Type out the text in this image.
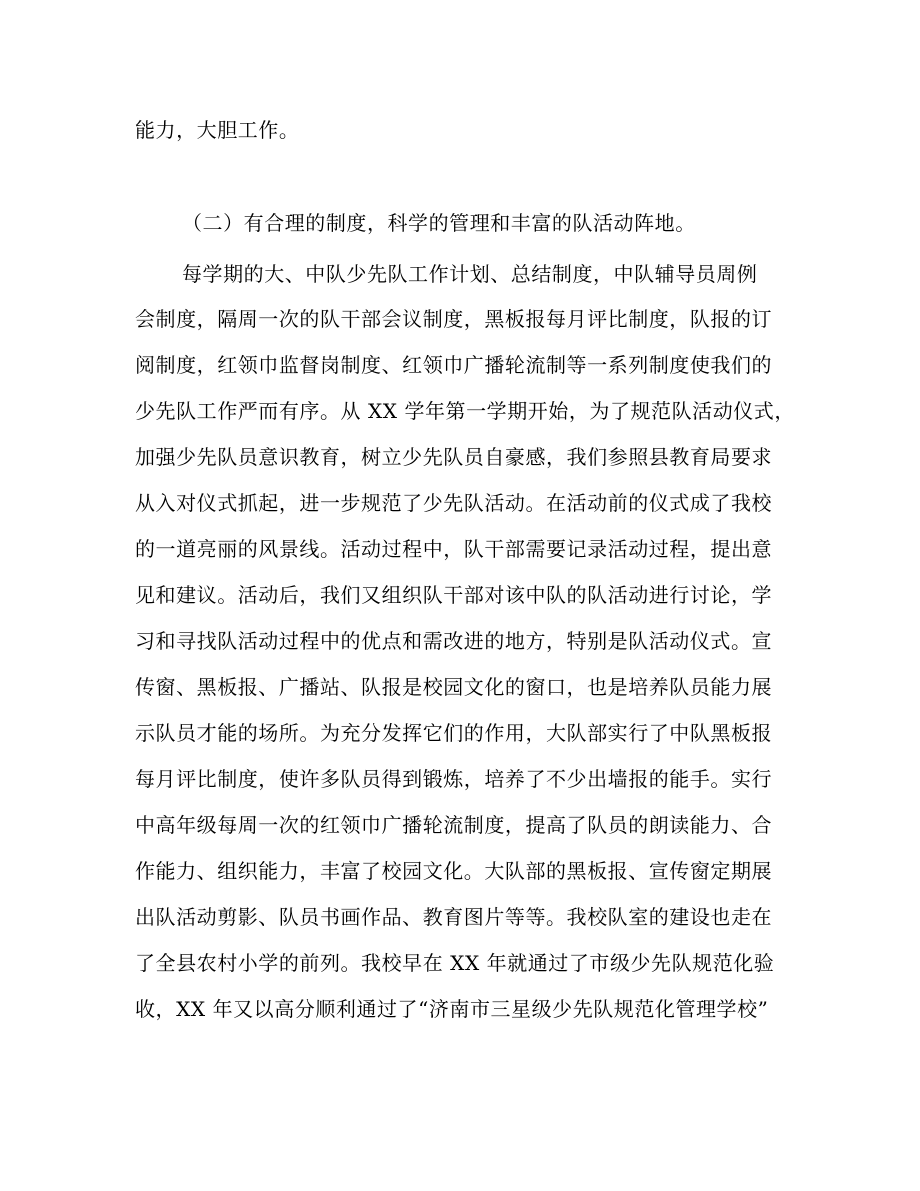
能力，大胆工作。
（二）有合理的制度，科学的管理和丰富的队活动阵地。
每学期的大、中队少先队工作计划、总结制度，中队辅导员周例
会制度，隔周一次的队干部会议制度，黑板报每月评比制度，队报的订
阅制度，红领巾监督岗制度、红领巾广播轮流制等一系列制度使我们的
少先队工作严而有序。从 XX 学年第一学期开始，为了规范队活动仪式，
加强少先队员意识教育，树立少先队员自豪感，我们参照县教育局要求
从入对仪式抓起，进一步规范了少先队活动。在活动前的仪式成了我校
的一道亮丽的风景线。活动过程中，队干部需要记录活动过程，提出意
见和建议。活动后，我们又组织队干部对该中队的队活动进行讨论，学
习和寻找队活动过程中的优点和需改进的地方，特别是队活动仪式。宣
传窗、黑板报、广播站、队报是校园文化的窗口，也是培养队员能力展
示队员才能的场所。为充分发挥它们的作用，大队部实行了中队黑板报
每月评比制度，使许多队员得到锻炼，培养了不少出墙报的能手。实行
中高年级每周一次的红领巾广播轮流制度，提高了队员的朗读能力、合
作能力、组织能力，丰富了校园文化。大队部的黑板报、宣传窗定期展
出队活动剪影、队员书画作品、教育图片等等。我校队室的建设也走在
了全县农村小学的前列。我校早在 XX 年就通过了市级少先队规范化验
收，XX 年又以高分顺利通过了“济南市三星级少先队规范化管理学校”
